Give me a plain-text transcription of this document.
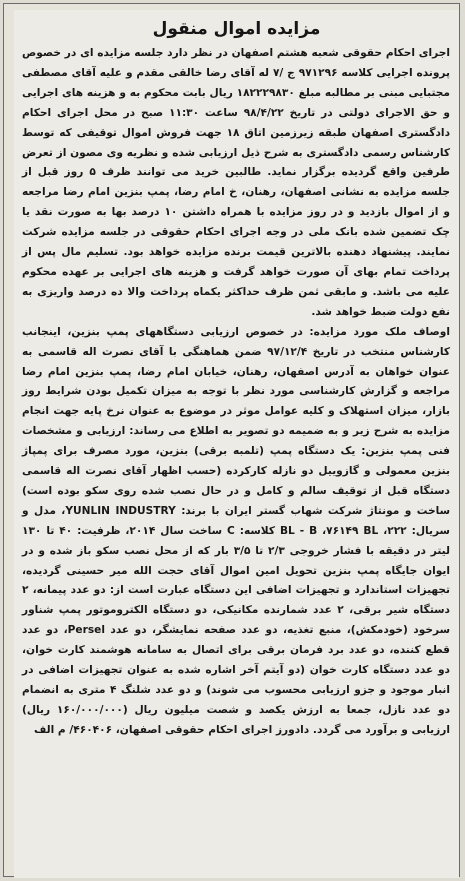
مزایده اموال منقول

اجرای احکام حقوقی شعبه هشتم اصفهان در نظر دارد جلسه مزایده ای در خصوص پرونده اجرایی کلاسه ۹۷۱۲۹۶ ج /۷ له آقای رضا خالقی مقدم و علیه آقای مصطفی مجتبایی مبنی بر مطالبه مبلغ ۱۸۲۲۲۹۸۳۰ ریال بابت محکوم به و هزینه های اجرایی و حق الاجرای دولتی در تاریخ ۹۸/۴/۲۲ ساعت ۱۱:۳۰ صبح در محل اجرای احکام دادگستری اصفهان طبقه زیرزمین اتاق ۱۸ جهت فروش اموال توقیفی که توسط کارشناس رسمی دادگستری به شرح ذیل ارزیابی شده و نظریه وی مصون از تعرض طرفین واقع گردیده برگزار نماید. طالبین خرید می توانند ظرف ۵ روز قبل از جلسه مزایده به نشانی اصفهان، رهنان، خ امام رضا، پمپ بنزین امام رضا مراجعه و از اموال بازدید و در روز مزایده با همراه داشتن ۱۰ درصد بها به صورت نقد یا چک تضمین شده بانک ملی در وجه اجرای احکام حقوقی در جلسه مزایده شرکت نمایند. پیشنهاد دهنده بالاترین قیمت برنده مزایده خواهد بود. تسلیم مال پس از پرداخت تمام بهای آن صورت خواهد گرفت و هزینه های اجرایی بر عهده محکوم علیه می باشد. و مابقی ثمن ظرف حداکثر یکماه پرداخت والا ده درصد واریزی به نفع دولت ضبط خواهد شد.

اوصاف ملک مورد مزایده: در خصوص ارزیابی دستگاههای پمپ بنزین، اینجانب کارشناس منتخب در تاریخ ۹۷/۱۲/۴ ضمن هماهنگی با آقای نصرت اله قاسمی به عنوان خواهان به آدرس اصفهان، رهنان، خیابان امام رضا، پمپ بنزین امام رضا مراجعه و گزارش کارشناسی مورد نظر با توجه به میزان تکمیل بودن شرایط روز بازار، میزان استهلاک و کلیه عوامل موثر در موضوع به عنوان نرخ پایه جهت انجام مزایده به شرح زیر و به ضمیمه دو تصویر به اطلاع می رساند: ارزیابی و مشخصات فنی پمپ بنزین: یک دستگاه پمپ (تلمبه برقی) بنزین، مورد مصرف برای پمپاژ بنزین معمولی و گازوییل دو نازله کارکرده (حسب اظهار آقای نصرت اله قاسمی دستگاه قبل از توقیف سالم و کامل و در حال نصب شده روی سکو بوده است) ساخت و مونتاژ شرکت شهاب گستر ایران با برند: YUNLIN INDUSTRY، مدل و سریال: BL - B ،۷۶۱۴۹ BL ،۲۲۲ کلاسه: C ساخت سال ۲۰۱۴، ظرفیت: ۴۰ تا ۱۳۰ لیتر در دقیقه با فشار خروجی ۲/۳ تا ۳/۵ بار که از محل نصب سکو باز شده و در ایوان جایگاه پمپ بنزین تحویل امین اموال آقای حجت الله میر حسینی گردیده، تجهیزات استاندارد و تجهیزات اضافی این دستگاه عبارت است از: دو عدد پیمانه، ۲ دستگاه شیر برقی، ۲ عدد شمارنده مکانیکی، دو دستگاه الکتروموتور پمپ شناور سرخود (خودمکش)، منبع تغذیه، دو عدد صفحه نمایشگر، دو عدد Persel، دو عدد قطع کننده، دو عدد برد فرمان برقی برای اتصال به سامانه هوشمند کارت خوان، دو عدد دستگاه کارت خوان (دو آیتم آخر اشاره شده به عنوان تجهیزات اضافی در انبار موجود و جزو ارزیابی محسوب می شوند) و دو عدد شلنگ ۴ متری به انضمام دو عدد نازل، جمعا به ارزش یکصد و شصت میلیون ریال (۱۶۰/۰۰۰/۰۰۰ ریال) ارزیابی و برآورد می گردد. دادورز اجرای احکام حقوقی اصفهان، ۴۶۰۴۰۶/ م الف
